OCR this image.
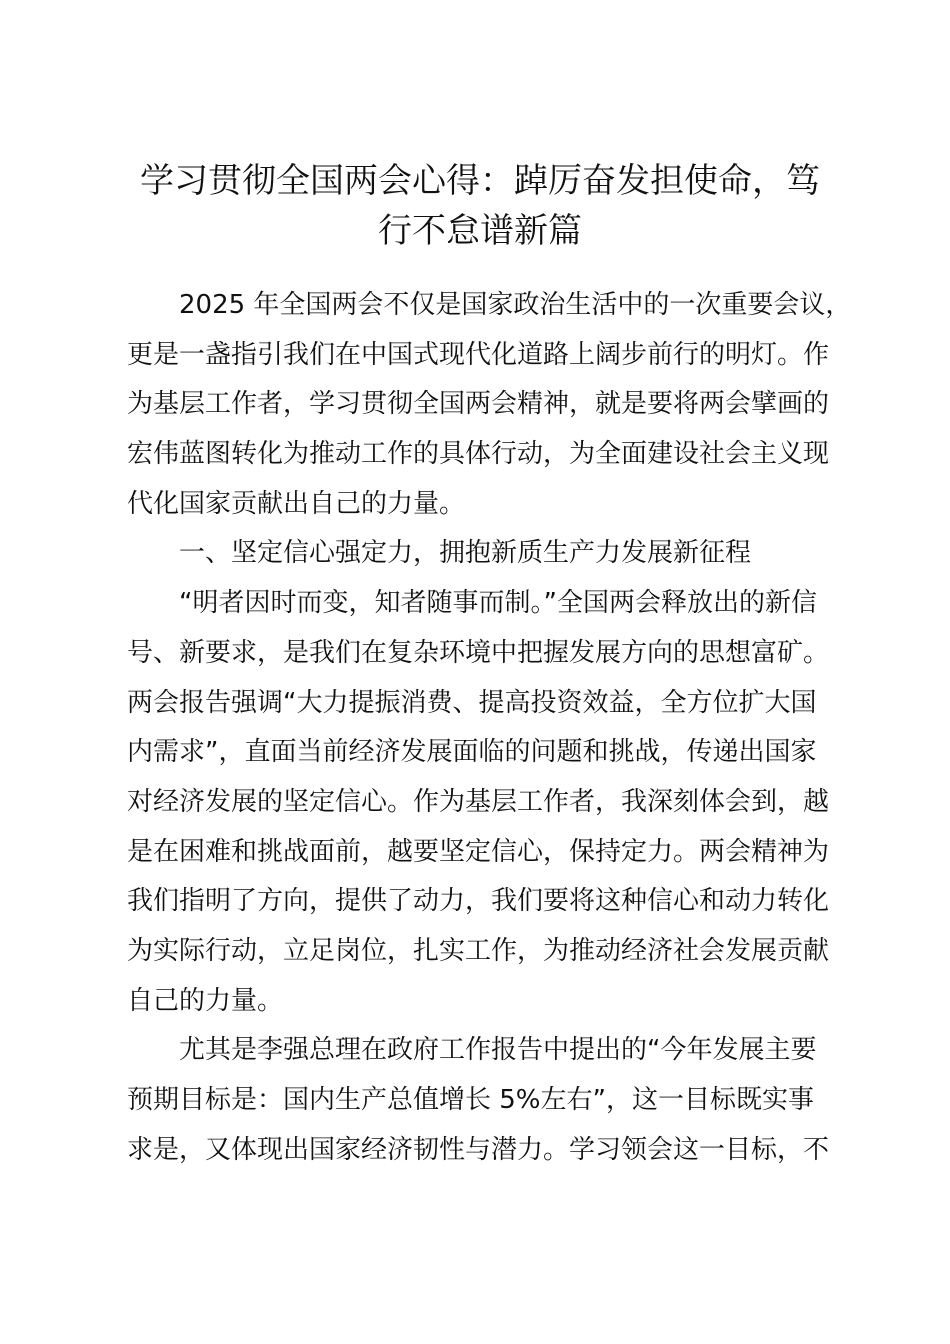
学习贯彻全国两会心得：踔厉奋发担使命，笃
行不怠谱新篇
2025 年全国两会不仅是国家政治生活中的一次重要会议，
更是一盏指引我们在中国式现代化道路上阔步前行的明灯。作
为基层工作者，学习贯彻全国两会精神，就是要将两会擘画的
宏伟蓝图转化为推动工作的具体行动，为全面建设社会主义现
代化国家贡献出自己的力量。
一、坚定信心强定力，拥抱新质生产力发展新征程
“明者因时而变，知者随事而制。”全国两会释放出的新信
号、新要求，是我们在复杂环境中把握发展方向的思想富矿。
两会报告强调“大力提振消费、提高投资效益，全方位扩大国
内需求”，直面当前经济发展面临的问题和挑战，传递出国家
对经济发展的坚定信心。作为基层工作者，我深刻体会到，越
是在困难和挑战面前，越要坚定信心，保持定力。两会精神为
我们指明了方向，提供了动力，我们要将这种信心和动力转化
为实际行动，立足岗位，扎实工作，为推动经济社会发展贡献
自己的力量。
尤其是李强总理在政府工作报告中提出的“今年发展主要
预期目标是：国内生产总值增长 5%左右”，这一目标既实事
求是，又体现出国家经济韧性与潜力。学习领会这一目标，不
